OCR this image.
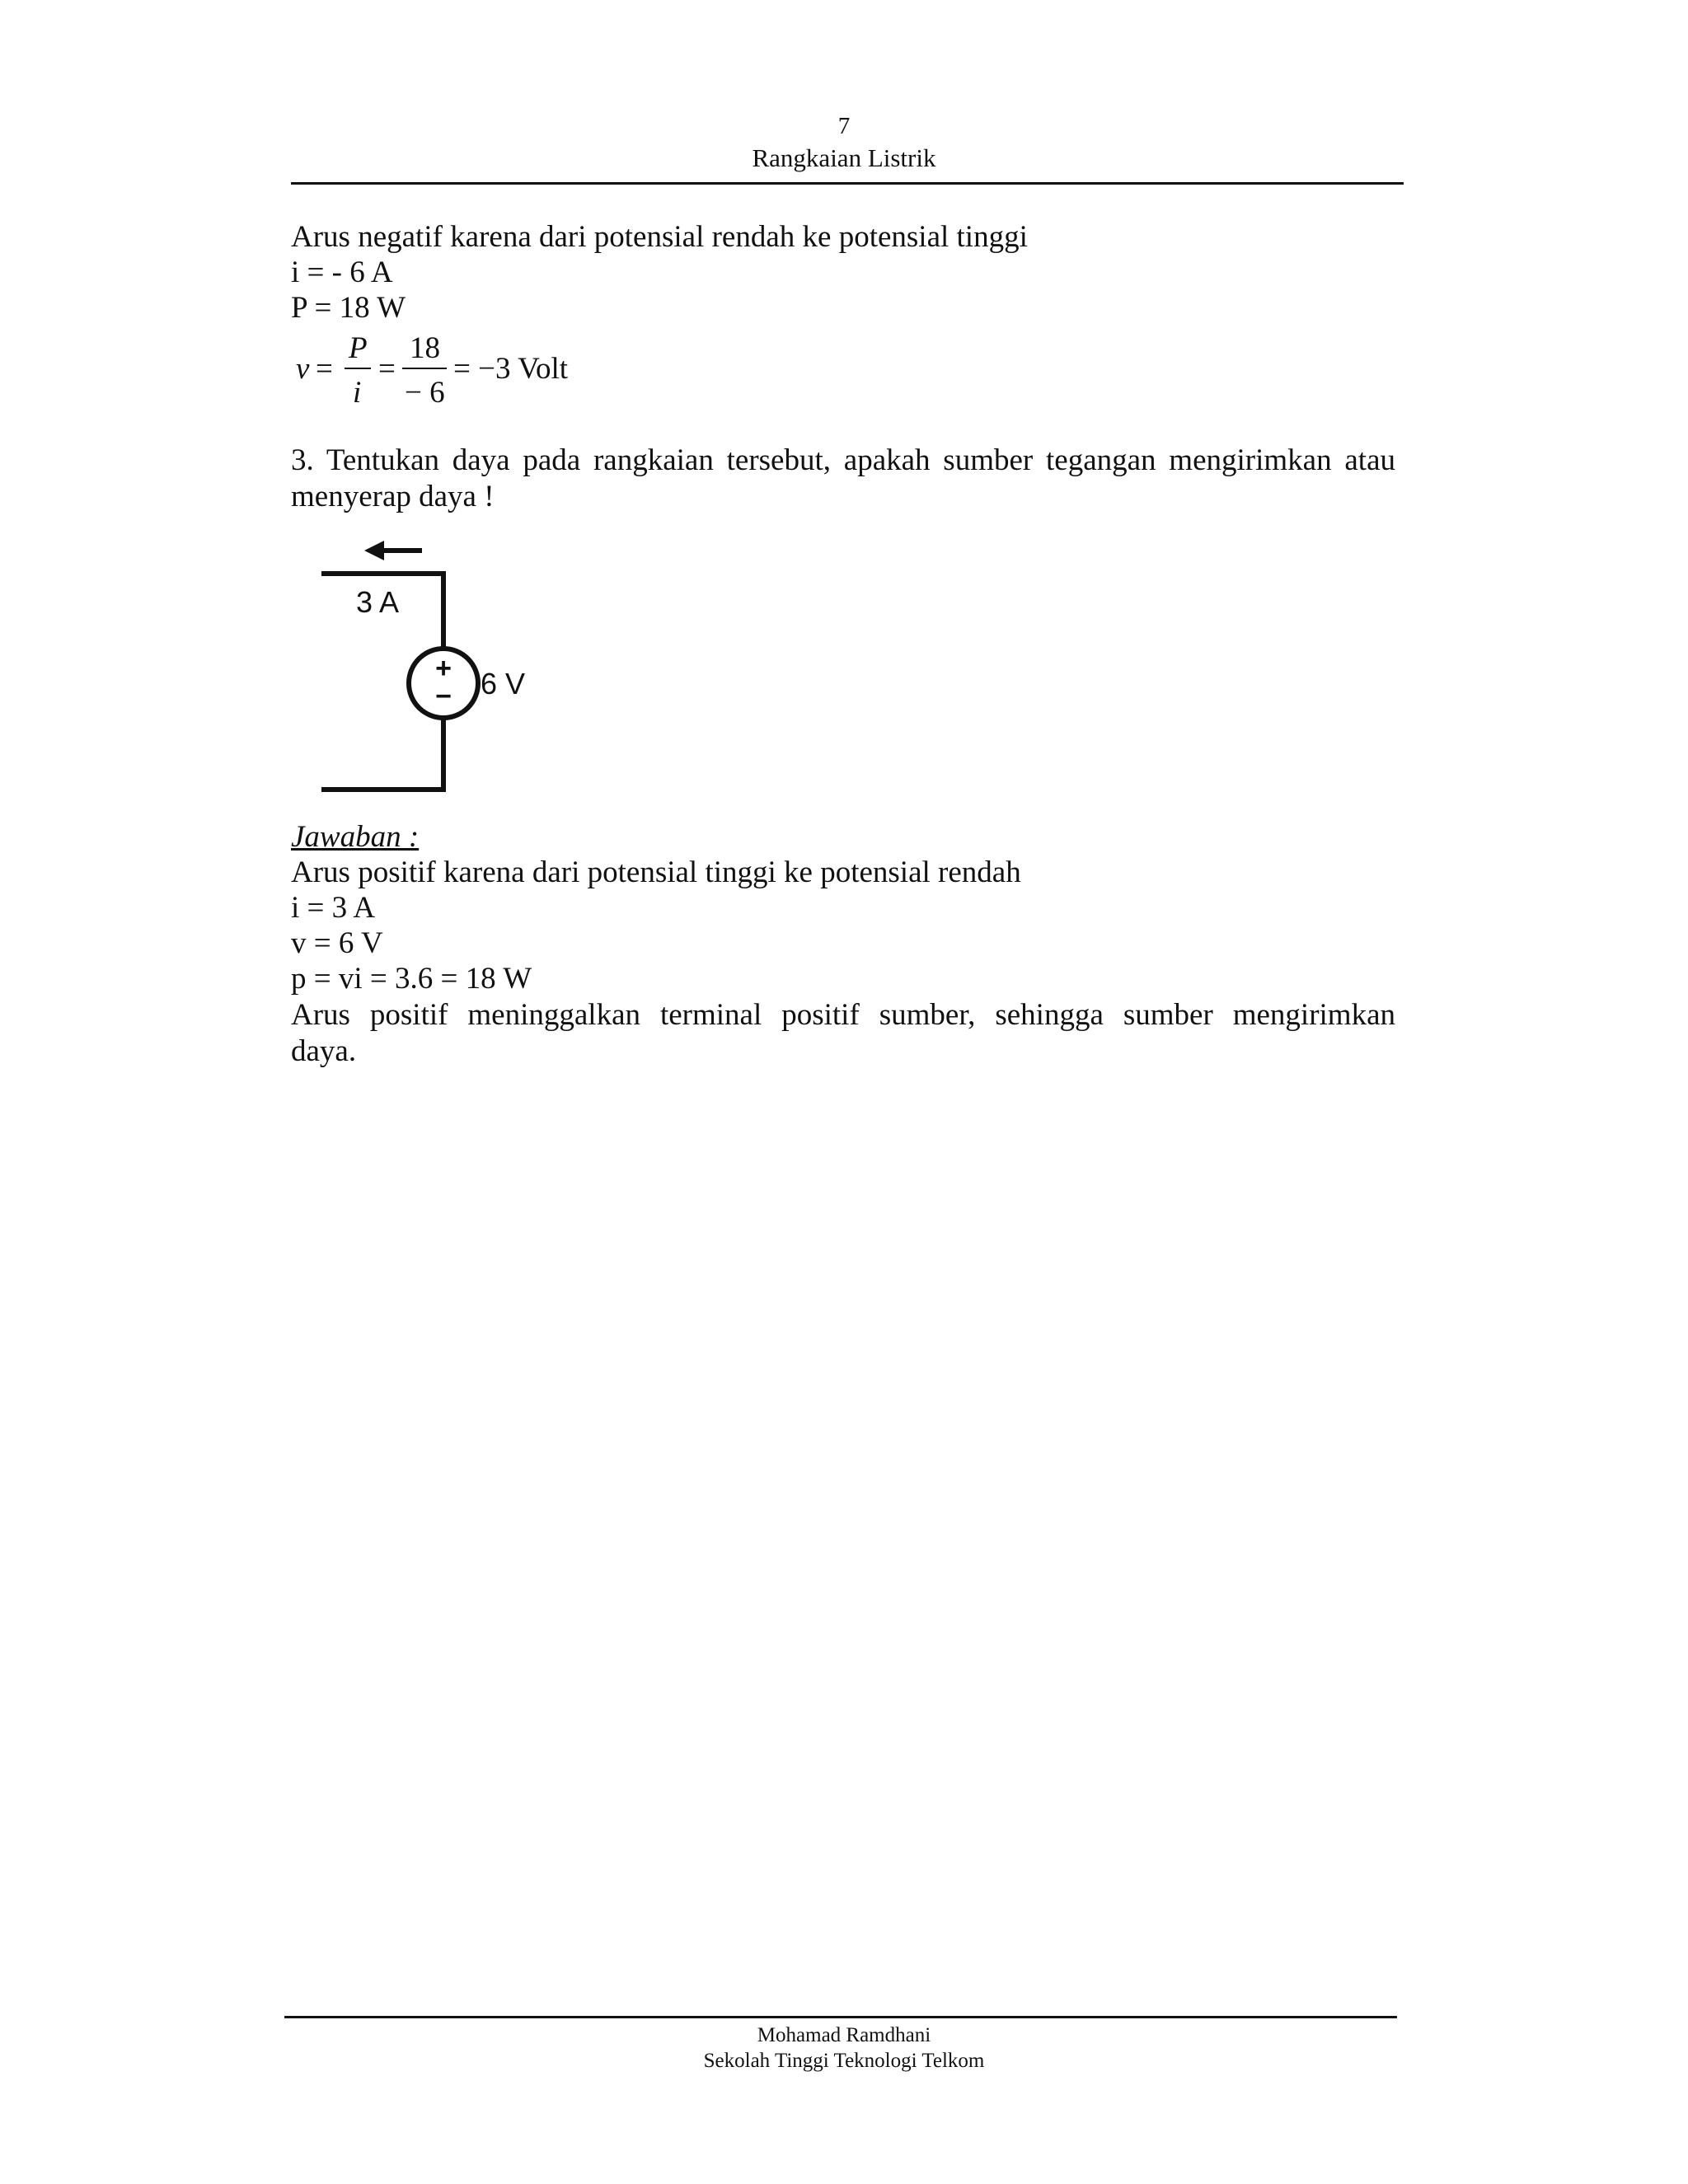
7
Rangkaian Listrik
Arus negatif karena dari potensial rendah ke potensial tinggi
i = - 6 A
P = 18 W
v =
P
i
=
18
− 6
= −3 Volt
3. Tentukan daya pada rangkaian tersebut, apakah sumber tegangan mengirimkan atau
menyerap daya !
3 A
+
− 6 V
Jawaban :
Arus positif karena dari potensial tinggi ke potensial rendah
i = 3 A
v = 6 V
p = vi = 3.6 = 18 W
Arus positif meninggalkan terminal positif sumber, sehingga sumber mengirimkan
daya.
Mohamad Ramdhani
Sekolah Tinggi Teknologi Telkom
